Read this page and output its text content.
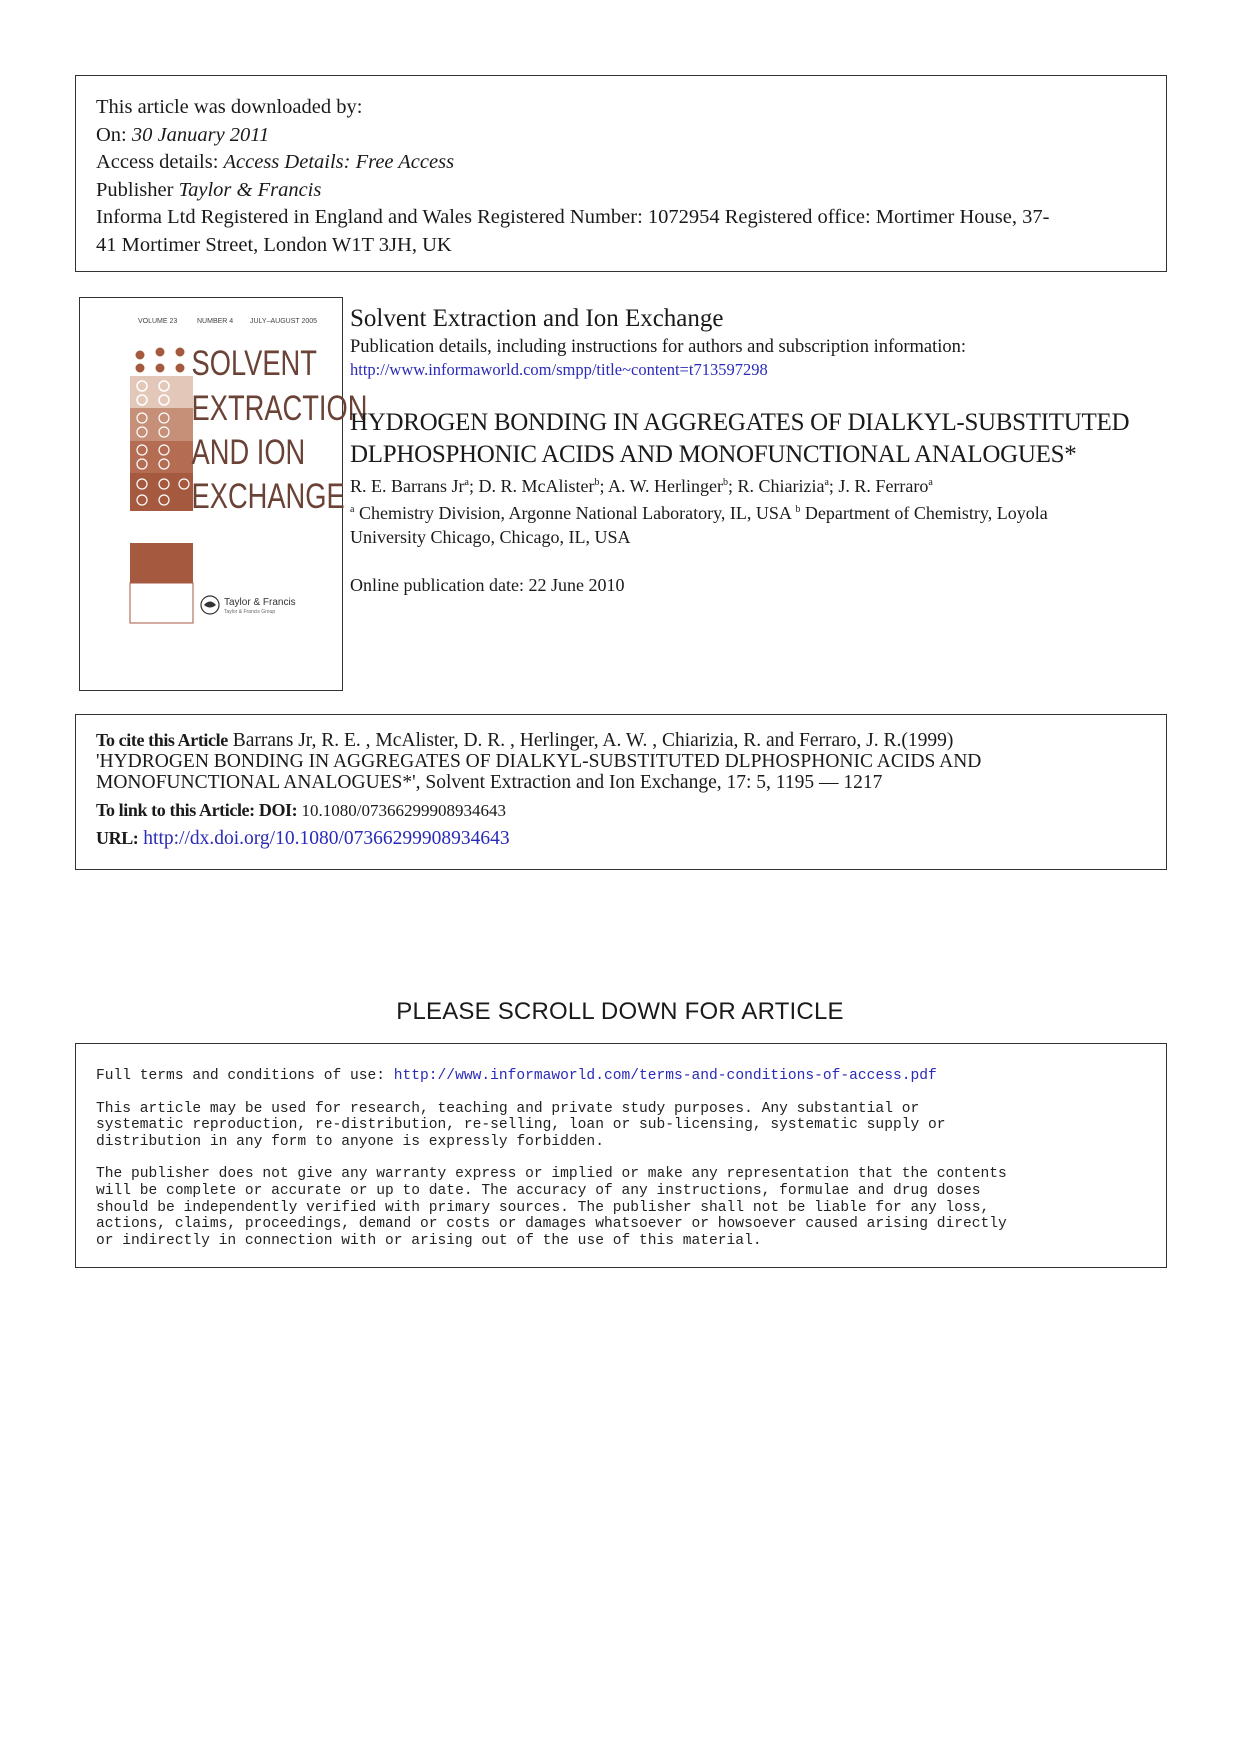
This article was downloaded by:
On: 30 January 2011
Access details: Access Details: Free Access
Publisher Taylor & Francis
Informa Ltd Registered in England and Wales Registered Number: 1072954 Registered office: Mortimer House, 37-
41 Mortimer Street, London W1T 3JH, UK
VOLUME 23	NUMBER 4 JULY–AUGUST 2005
SOLVENT
EXTRACTION
AND ION
EXCHANGE
Taylor & Francis
Taylor & Francis Group
Solvent Extraction and Ion Exchange
Publication details, including instructions for authors and subscription information:
http://www.informaworld.com/smpp/title~content=t713597298
HYDROGEN BONDING IN AGGREGATES OF DIALKYL-SUBSTITUTED
DLPHOSPHONIC ACIDS AND MONOFUNCTIONAL ANALOGUES*
R. E. Barrans Jr$^a$; D. R. McAlister$^b$; A. W. Herlinger$^b$; R. Chiarizia$^a$; J. R. Ferraro$^a$
$^a$ Chemistry Division, Argonne National Laboratory, IL, USA $^b$ Department of Chemistry, Loyola
University Chicago, Chicago, IL, USA
Online publication date: 22 June 2010
To cite this Article Barrans Jr, R. E. , McAlister, D. R. , Herlinger, A. W. , Chiarizia, R. and Ferraro, J. R.(1999)
'HYDROGEN BONDING IN AGGREGATES OF DIALKYL-SUBSTITUTED DLPHOSPHONIC ACIDS AND
MONOFUNCTIONAL ANALOGUES*', Solvent Extraction and Ion Exchange, 17: 5, 1195 — 1217
To link to this Article: DOI: 10.1080/07366299908934643
URL: http://dx.doi.org/10.1080/07366299908934643
PLEASE SCROLL DOWN FOR ARTICLE

Full terms and conditions of use: http://www.informaworld.com/terms-and-conditions-of-access.pdf

This article may be used for research, teaching and private study purposes. Any substantial or
systematic reproduction, re-distribution, re-selling, loan or sub-licensing, systematic supply or
distribution in any form to anyone is expressly forbidden.

The publisher does not give any warranty express or implied or make any representation that the contents
will be complete or accurate or up to date. The accuracy of any instructions, formulae and drug doses
should be independently verified with primary sources. The publisher shall not be liable for any loss,
actions, claims, proceedings, demand or costs or damages whatsoever or howsoever caused arising directly
or indirectly in connection with or arising out of the use of this material.
